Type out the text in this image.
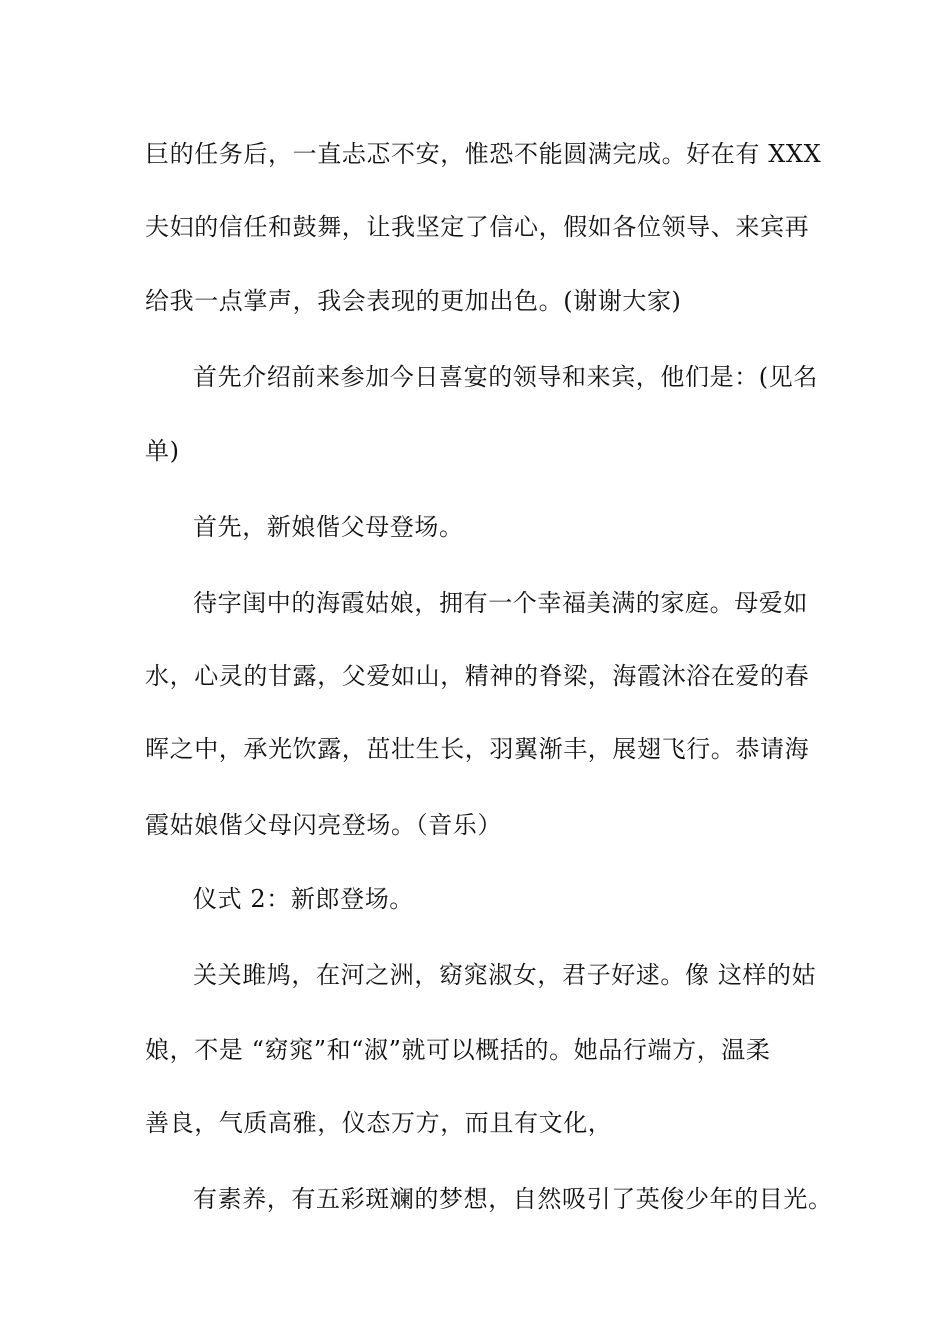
巨的任务后，一直忐忑不安，惟恐不能圆满完成。好在有 XXX
夫妇的信任和鼓舞，让我坚定了信心，假如各位领导、来宾再
给我一点掌声，我会表现的更加出色。(谢谢大家)
首先介绍前来参加今日喜宴的领导和来宾，他们是：(见名
单)
首先，新娘偕父母登场。
待字闺中的海霞姑娘，拥有一个幸福美满的家庭。母爱如
水，心灵的甘露，父爱如山，精神的脊梁，海霞沐浴在爱的春
晖之中，承光饮露，茁壮生长，羽翼渐丰，展翅飞行。恭请海
霞姑娘偕父母闪亮登场。（音乐）
仪式 2：新郎登场。
关关雎鸠，在河之洲，窈窕淑女，君子好逑。像 这样的姑
娘，不是 “窈窕”和“淑”就可以概括的。她品行端方，温柔
善良，气质高雅，仪态万方，而且有文化，
有素养，有五彩斑斓的梦想，自然吸引了英俊少年的目光。
